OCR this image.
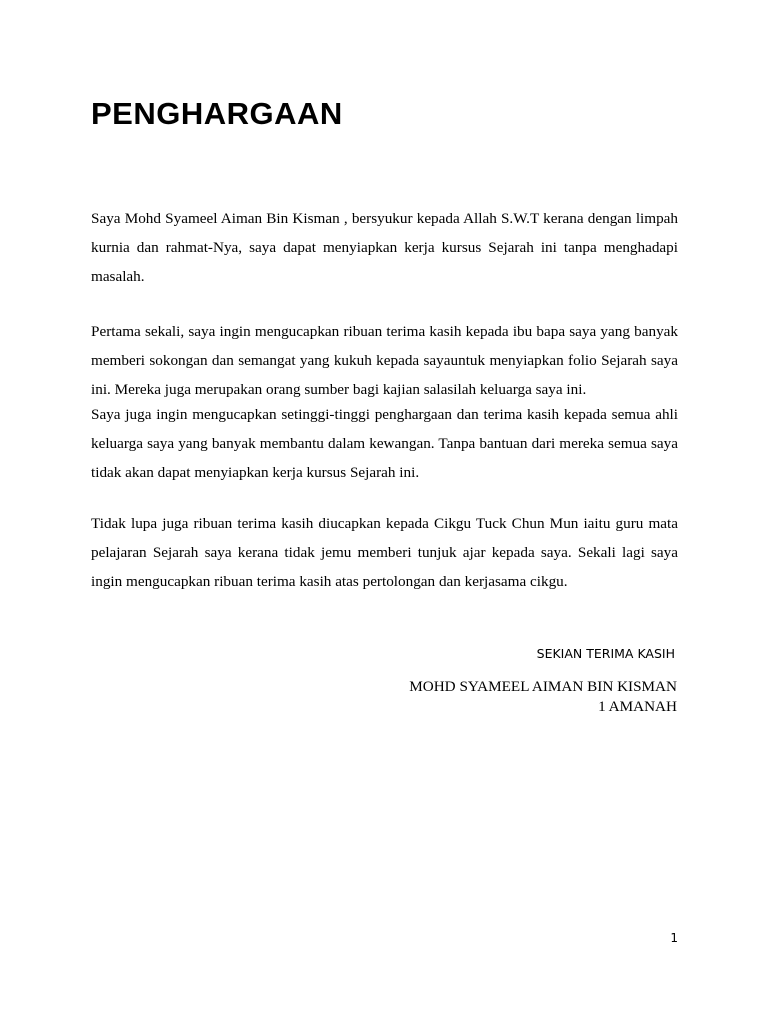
PENGHARGAAN

Saya Mohd Syameel Aiman Bin Kisman , bersyukur kepada Allah S.W.T kerana dengan limpah kurnia dan rahmat-Nya, saya dapat menyiapkan kerja kursus Sejarah ini tanpa menghadapi masalah.

Pertama sekali, saya ingin mengucapkan ribuan terima kasih kepada ibu bapa saya yang banyak memberi sokongan dan semangat yang kukuh kepada sayauntuk menyiapkan folio Sejarah saya ini. Mereka juga merupakan orang sumber bagi kajian salasilah keluarga saya ini.

Saya juga ingin mengucapkan setinggi-tinggi penghargaan dan terima kasih kepada semua ahli keluarga saya yang banyak membantu dalam kewangan. Tanpa bantuan dari mereka semua saya tidak akan dapat menyiapkan kerja kursus Sejarah ini.

Tidak lupa juga ribuan terima kasih diucapkan kepada Cikgu Tuck Chun Mun iaitu guru mata pelajaran Sejarah saya kerana tidak jemu memberi tunjuk ajar kepada saya. Sekali lagi saya ingin mengucapkan ribuan terima kasih atas pertolongan dan kerjasama cikgu.

SEKIAN TERIMA KASIH

MOHD SYAMEEL AIMAN BIN KISMAN
1 AMANAH

1
